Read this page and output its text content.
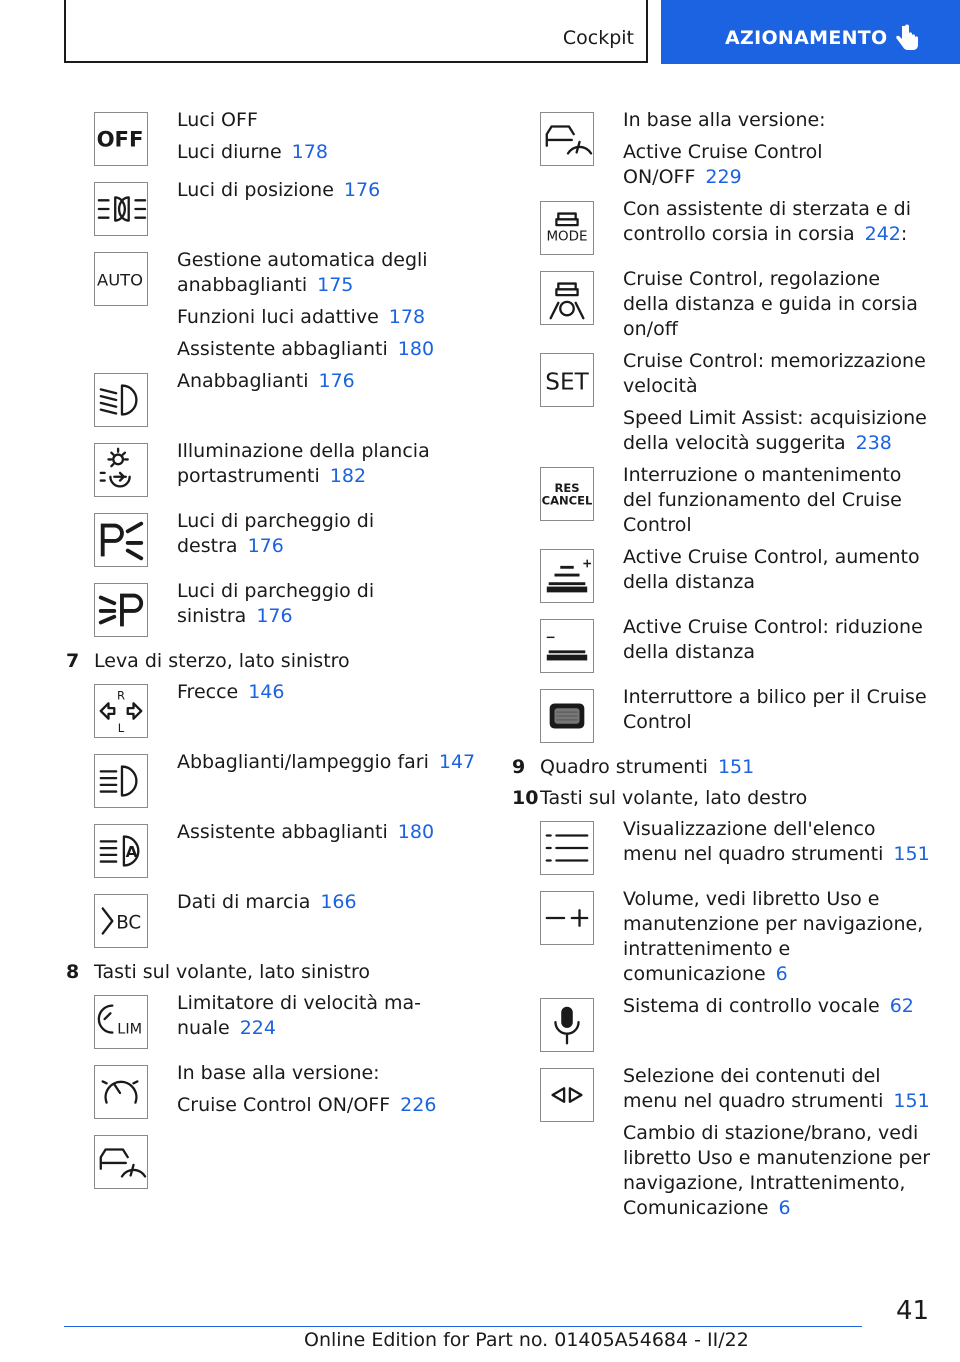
Cockpit	AZIONAMENTO
OFF

Luci OFF

Luci diurne 178

Luci di posizione 176

AUTO

Gestione automatica degli anabbaglianti 175

Funzioni luci adattive 178

Assistente abbaglianti 180

Anabbaglianti 176

Illuminazione della plancia portastrumenti 182

Luci di parcheggio di destra 176

Luci di parcheggio di sinistra 176

7 Leva di sterzo, lato sinistro
R
L

Frecce 146

Abbaglianti/lampeggio fari 147

A

Assistente abbaglianti 180

BC

Dati di marcia 166

8 Tasti sul volante, lato sinistro
LIM

Limitatore di velocità manuale 224

In base alla versione:

Cruise Control ON/OFF 226

In base alla versione:

Active Cruise Control ON/OFF 229

MODE

Con assistente di sterzata e di controllo corsia in corsia 242:

Cruise Control, regolazione della distanza e guida in corsia on/off

SET

Cruise Control: memorizzazione velocità

Speed Limit Assist: acquisizione della velocità suggerita 238

RES
CANCEL

Interruzione o mantenimento del funzionamento del Cruise Control

Active Cruise Control, aumento della distanza

Active Cruise Control: riduzione della distanza

Interruttore a bilico per il Cruise Control

9 Quadro strumenti 151
10 Tasti sul volante, lato destro

Visualizzazione dell'elenco menu nel quadro strumenti 151

Volume, vedi libretto Uso e manutenzione per navigazione, intrattenimento e comunicazione 6

Sistema di controllo vocale 62

Selezione dei contenuti del menu nel quadro strumenti 151

Cambio di stazione/brano, vedi libretto Uso e manutenzione per navigazione, Intrattenimento, Comunicazione 6

41
Online Edition for Part no. 01405A54684 - II/22
